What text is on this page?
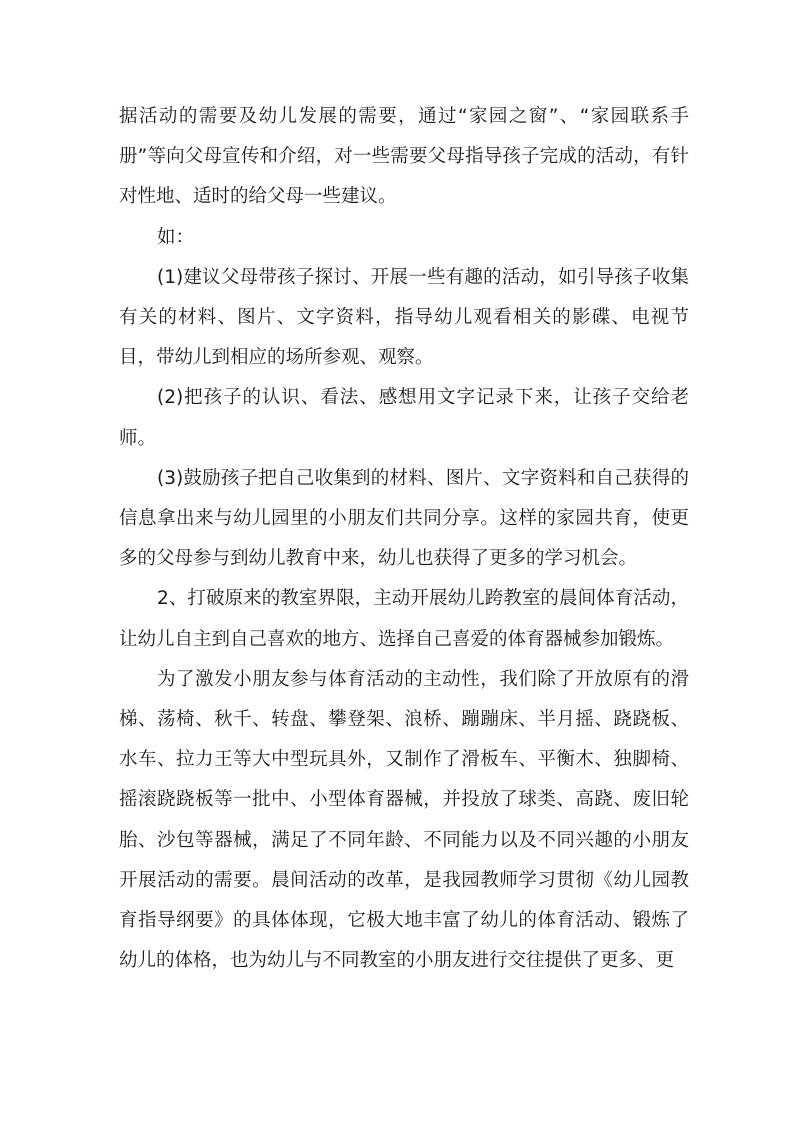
据活动的需要及幼儿发展的需要，通过“家园之窗”、“家园联系手册”等向父母宣传和介绍，对一些需要父母指导孩子完成的活动，有针对性地、适时的给父母一些建议。

如：

(1)建议父母带孩子探讨、开展一些有趣的活动，如引导孩子收集有关的材料、图片、文字资料，指导幼儿观看相关的影碟、电视节目，带幼儿到相应的场所参观、观察。

(2)把孩子的认识、看法、感想用文字记录下来，让孩子交给老师。

(3)鼓励孩子把自己收集到的材料、图片、文字资料和自己获得的信息拿出来与幼儿园里的小朋友们共同分享。这样的家园共育，使更多的父母参与到幼儿教育中来，幼儿也获得了更多的学习机会。

2、打破原来的教室界限，主动开展幼儿跨教室的晨间体育活动，让幼儿自主到自己喜欢的地方、选择自己喜爱的体育器械参加锻炼。

为了激发小朋友参与体育活动的主动性，我们除了开放原有的滑梯、荡椅、秋千、转盘、攀登架、浪桥、蹦蹦床、半月摇、跷跷板、水车、拉力王等大中型玩具外，又制作了滑板车、平衡木、独脚椅、摇滚跷跷板等一批中、小型体育器械，并投放了球类、高跷、废旧轮胎、沙包等器械，满足了不同年龄、不同能力以及不同兴趣的小朋友开展活动的需要。晨间活动的改革，是我园教师学习贯彻《幼儿园教育指导纲要》的具体体现，它极大地丰富了幼儿的体育活动、锻炼了幼儿的体格，也为幼儿与不同教室的小朋友进行交往提供了更多、更
